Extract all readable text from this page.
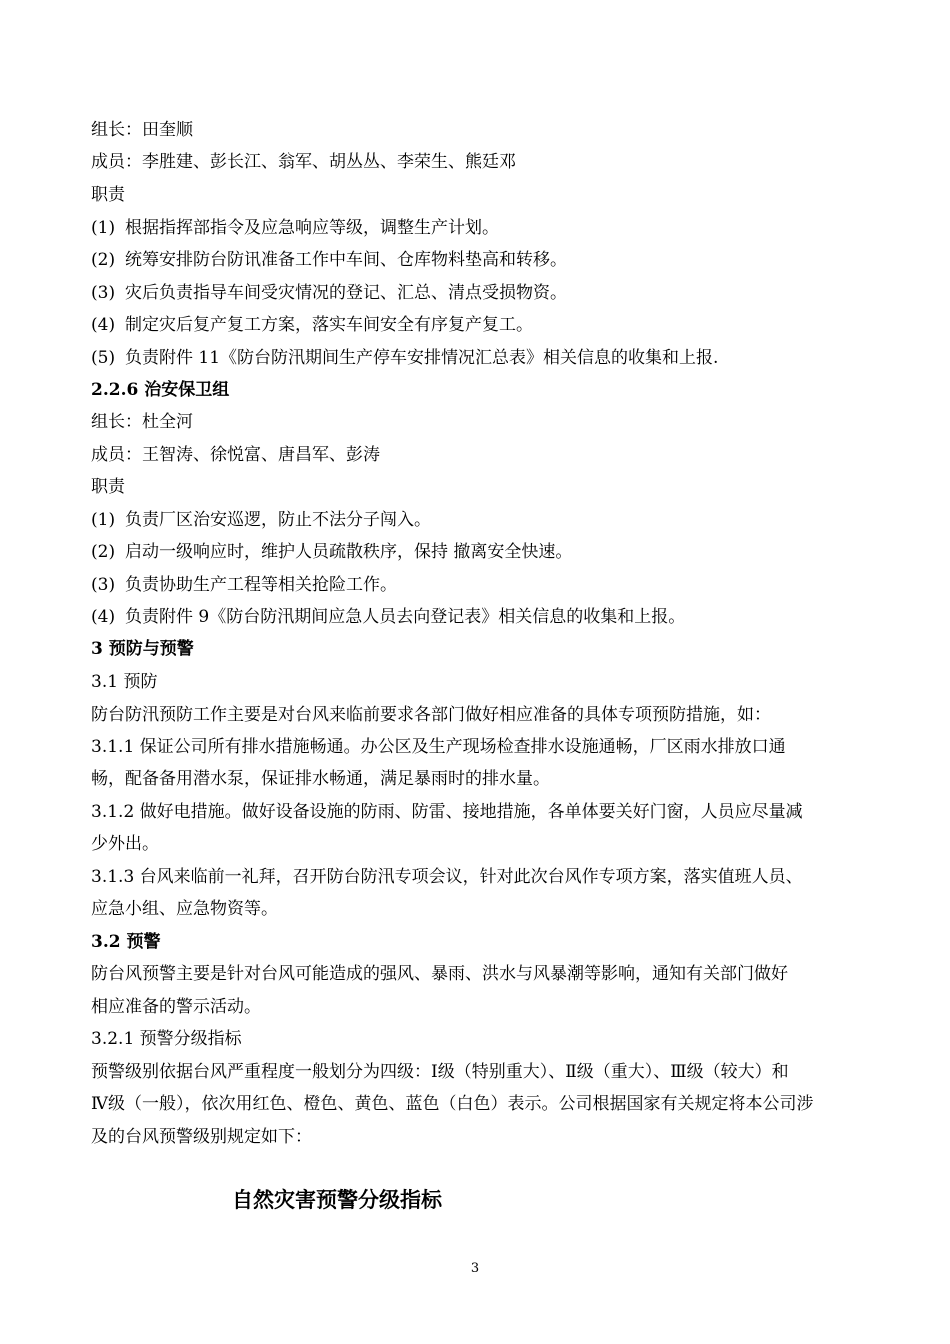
组长：田奎顺
成员：李胜建、彭长江、翁军、胡丛丛、李荣生、熊廷邓
职责
(1) 根据指挥部指令及应急响应等级，调整生产计划。
(2) 统筹安排防台防讯准备工作中车间、仓库物料垫高和转移。
(3) 灾后负责指导车间受灾情况的登记、汇总、清点受损物资。
(4) 制定灾后复产复工方案，落实车间安全有序复产复工。
(5) 负责附件 11《防台防汛期间生产停车安排情况汇总表》相关信息的收集和上报.
2.2.6 治安保卫组
组长：杜全河
成员：王智涛、徐悦富、唐昌军、彭涛
职责
(1) 负责厂区治安巡逻，防止不法分子闯入。
(2) 启动一级响应时，维护人员疏散秩序，保持 撤离安全快速。
(3) 负责协助生产工程等相关抢险工作。
(4) 负责附件 9《防台防汛期间应急人员去向登记表》相关信息的收集和上报。
3 预防与预警
3.1 预防
防台防汛预防工作主要是对台风来临前要求各部门做好相应准备的具体专项预防措施，如：
3.1.1 保证公司所有排水措施畅通。办公区及生产现场检查排水设施通畅，厂区雨水排放口通
畅，配备备用潜水泵，保证排水畅通，满足暴雨时的排水量。
3.1.2 做好电措施。做好设备设施的防雨、防雷、接地措施，各单体要关好门窗，人员应尽量减
少外出。
3.1.3 台风来临前一礼拜，召开防台防汛专项会议，针对此次台风作专项方案，落实值班人员、
应急小组、应急物资等。
3.2 预警
防台风预警主要是针对台风可能造成的强风、暴雨、洪水与风暴潮等影响，通知有关部门做好
相应准备的警示活动。
3.2.1 预警分级指标
预警级别依据台风严重程度一般划分为四级：Ⅰ级（特别重大）、Ⅱ级（重大）、Ⅲ级（较大）和
Ⅳ级（一般），依次用红色、橙色、黄色、蓝色（白色）表示。公司根据国家有关规定将本公司涉
及的台风预警级别规定如下：
自然灾害预警分级指标
3
